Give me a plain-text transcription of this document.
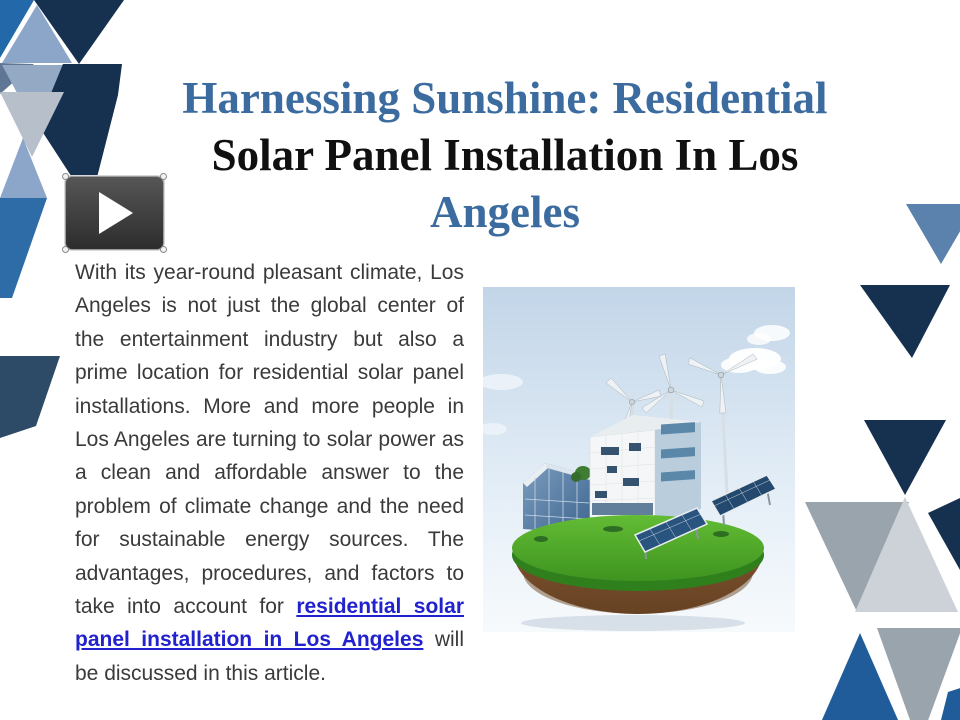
Harnessing Sunshine: Residential
Solar Panel Installation In Los
Angeles
With its year-round pleasant climate, Los Angeles is not just the global center of the entertainment industry but also a prime location for residential solar panel installations. More and more people in Los Angeles are turning to solar power as a clean and affordable answer to the problem of climate change and the need for sustainable energy sources. The advantages, procedures, and factors to take into account for residential solar panel installation in Los Angeles will be discussed in this article.
